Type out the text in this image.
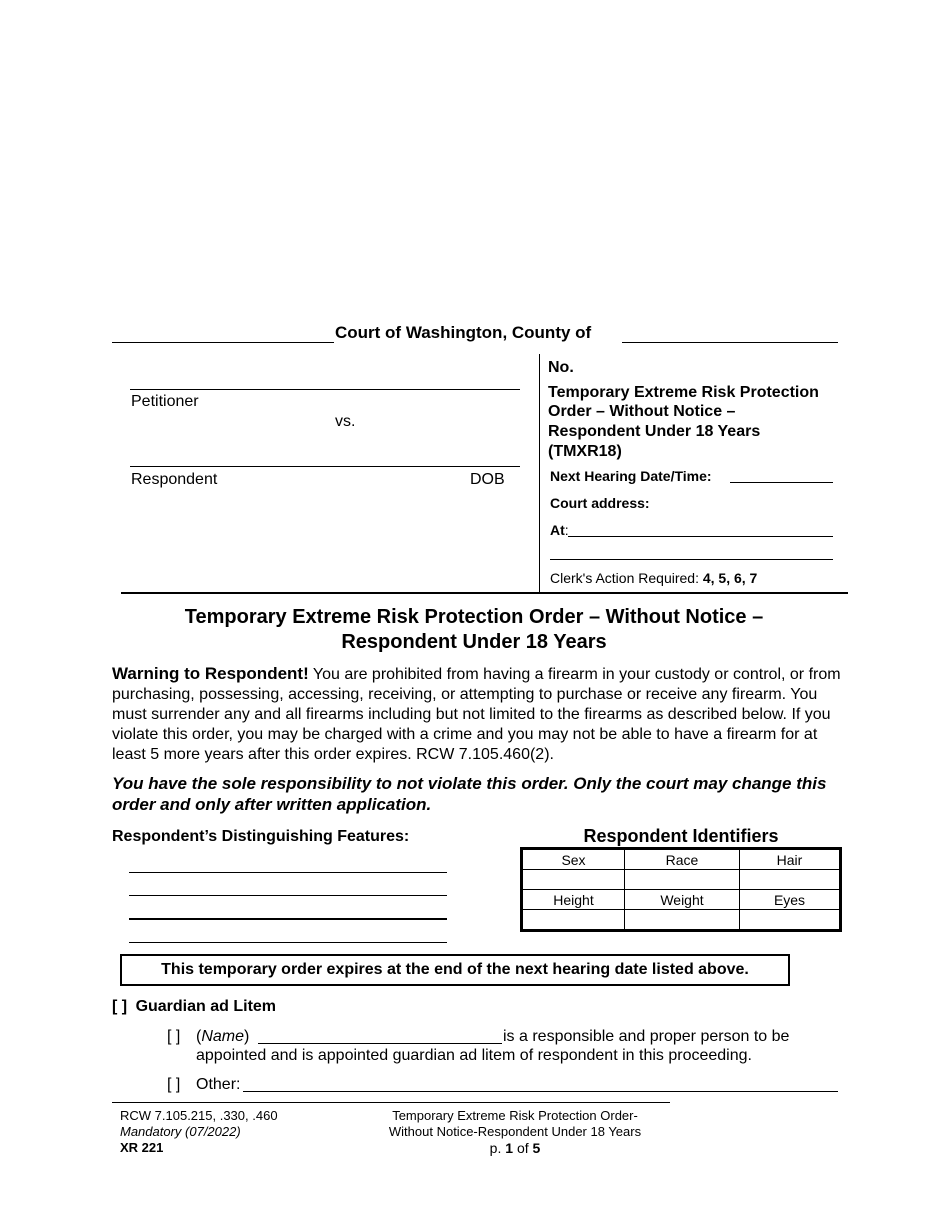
Court of Washington, County of
Petitioner
vs.
Respondent	DOB
No.
Temporary Extreme Risk Protection
Order – Without Notice –
Respondent Under 18 Years
(TMXR18)
Next Hearing Date/Time:
Court address:
At:
Clerk's Action Required: 4, 5, 6, 7
Temporary Extreme Risk Protection Order – Without Notice –
Respondent Under 18 Years
Warning to Respondent! You are prohibited from having a firearm in your custody or control, or from purchasing, possessing, accessing, receiving, or attempting to purchase or receive any firearm. You must surrender any and all firearms including but not limited to the firearms as described below. If you violate this order, you may be charged with a crime and you may not be able to have a firearm for at least 5 more years after this order expires. RCW 7.105.460(2).
You have the sole responsibility to not violate this order. Only the court may change this order and only after written application.
Respondent’s Distinguishing Features:	Respondent Identifiers
Sex	Race	Hair

Height	Weight	Eyes

This temporary order expires at the end of the next hearing date listed above.
[ ] Guardian ad Litem
[ ] (Name)	is a responsible and proper person to be
appointed and is appointed guardian ad litem of respondent in this proceeding.
[ ] Other:
RCW 7.105.215, .330, .460
Mandatory (07/2022)
XR 221
Temporary Extreme Risk Protection Order-
Without Notice-Respondent Under 18 Years
p. 1 of 5
